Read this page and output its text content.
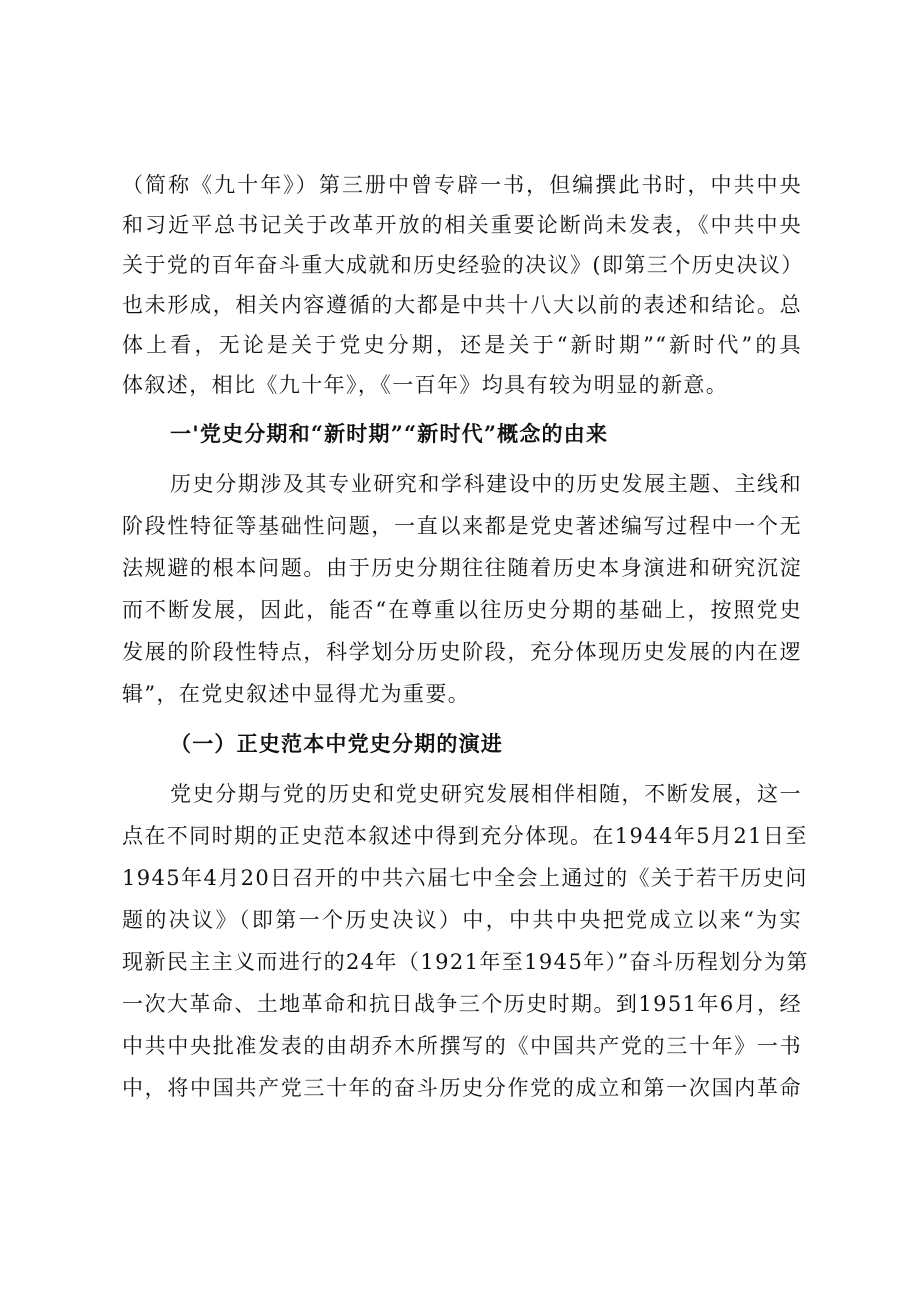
（简称《九十年》）第三册中曾专辟一书，但编撰此书时，中共中央
和习近平总书记关于改革开放的相关重要论断尚未发表，《中共中央
关于党的百年奋斗重大成就和历史经验的决议》(即第三个历史决议）
也未形成，相关内容遵循的大都是中共十八大以前的表述和结论。总
体上看，无论是关于党史分期，还是关于“新时期”“新时代”的具
体叙述，相比《九十年》，《一百年》均具有较为明显的新意。
一'党史分期和“新时期”“新时代”概念的由来
历史分期涉及其专业研究和学科建设中的历史发展主题、主线和
阶段性特征等基础性问题，一直以来都是党史著述编写过程中一个无
法规避的根本问题。由于历史分期往往随着历史本身演进和研究沉淀
而不断发展，因此，能否“在尊重以往历史分期的基础上，按照党史
发展的阶段性特点，科学划分历史阶段，充分体现历史发展的内在逻
辑”，在党史叙述中显得尤为重要。
（一）正史范本中党史分期的演进
党史分期与党的历史和党史研究发展相伴相随，不断发展，这一
点在不同时期的正史范本叙述中得到充分体现。在1944年5月21日至
1945年4月20日召开的中共六届七中全会上通过的《关于若干历史问
题的决议》（即第一个历史决议）中，中共中央把党成立以来“为实
现新民主主义而进行的24年（1921年至1945年）”奋斗历程划分为第
一次大革命、土地革命和抗日战争三个历史时期。到1951年6月，经
中共中央批准发表的由胡乔木所撰写的《中国共产党的三十年》一书
中，将中国共产党三十年的奋斗历史分作党的成立和第一次国内革命
